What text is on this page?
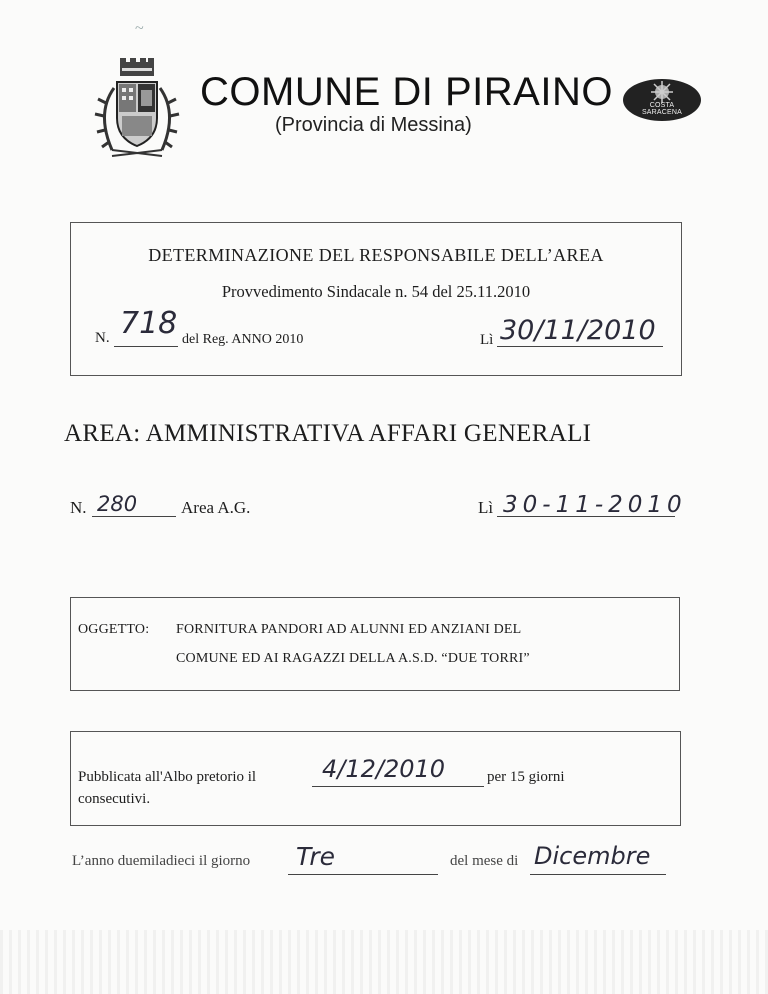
~
COMUNE DI PIRAINO
(Provincia di Messina)
COSTA SARACENA
DETERMINAZIONE DEL RESPONSABILE DELL’AREA
Provvedimento Sindacale n. 54 del 25.11.2010
N. 718 del Reg. ANNO 2010	Lì 30/11/2010
AREA: AMMINISTRATIVA AFFARI GENERALI
N. 280	Area A.G.	Lì 30-11-2010
OGGETTO: FORNITURA PANDORI AD ALUNNI ED ANZIANI DEL
COMUNE ED AI RAGAZZI DELLA A.S.D. “DUE TORRI”
Pubblicata all'Albo pretorio il	4/12/2010	per 15 giorni
consecutivi.
L’anno duemiladieci il giorno Tre	del mese di Dicembre
